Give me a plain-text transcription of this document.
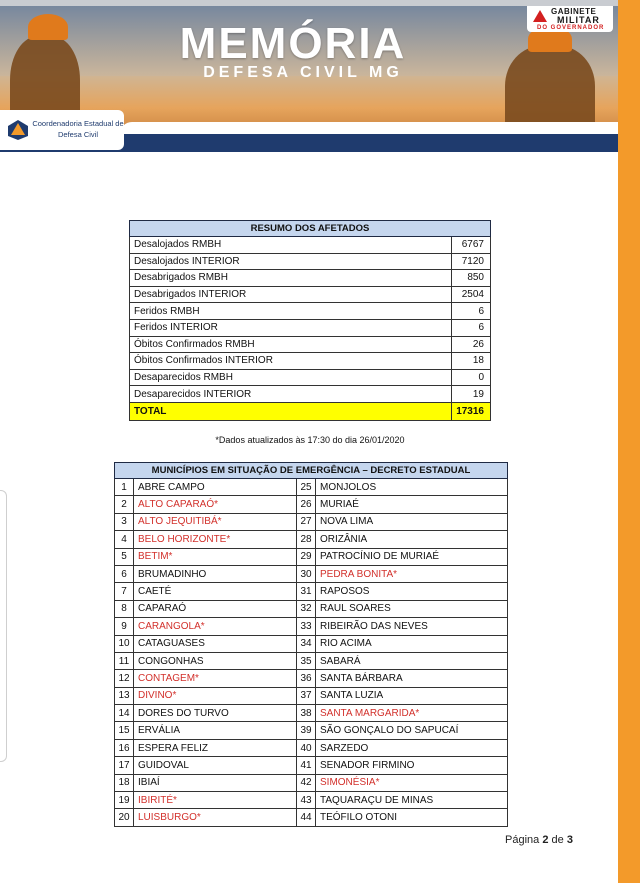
MEMÓRIA
DEFESA CIVIL MG
Coordenadoria Estadual de Defesa Civil
GABINETE
MILITAR
DO GOVERNADOR
RESUMO DOS AFETADOS	
Desalojados RMBH	6767
Desalojados INTERIOR	7120
Desabrigados RMBH	850
Desabrigados INTERIOR	2504
Feridos RMBH	6
Feridos INTERIOR	6
Óbitos Confirmados RMBH	26
Óbitos Confirmados INTERIOR	18
Desaparecidos RMBH	0
Desaparecidos INTERIOR	19
TOTAL	17316
*Dados atualizados às 17:30 do dia 26/01/2020
MUNICÍPIOS EM SITUAÇÃO DE EMERGÊNCIA – DECRETO ESTADUAL			
1	ABRE CAMPO	25	MONJOLOS
2	ALTO CAPARAÓ*	26	MURIAÉ
3	ALTO JEQUITIBÁ*	27	NOVA LIMA
4	BELO HORIZONTE*	28	ORIZÂNIA
5	BETIM*	29	PATROCÍNIO DE MURIAÉ
6	BRUMADINHO	30	PEDRA BONITA*
7	CAETÉ	31	RAPOSOS
8	CAPARAÓ	32	RAUL SOARES
9	CARANGOLA*	33	RIBEIRÃO DAS NEVES
10	CATAGUASES	34	RIO ACIMA
11	CONGONHAS	35	SABARÁ
12	CONTAGEM*	36	SANTA BÁRBARA
13	DIVINO*	37	SANTA LUZIA
14	DORES DO TURVO	38	SANTA MARGARIDA*
15	ERVÁLIA	39	SÃO GONÇALO DO SAPUCAÍ
16	ESPERA FELIZ	40	SARZEDO
17	GUIDOVAL	41	SENADOR FIRMINO
18	IBIAÍ	42	SIMONÉSIA*
19	IBIRITÉ*	43	TAQUARAÇU DE MINAS
20	LUISBURGO*	44	TEÓFILO OTONI
Página 2 de 3
